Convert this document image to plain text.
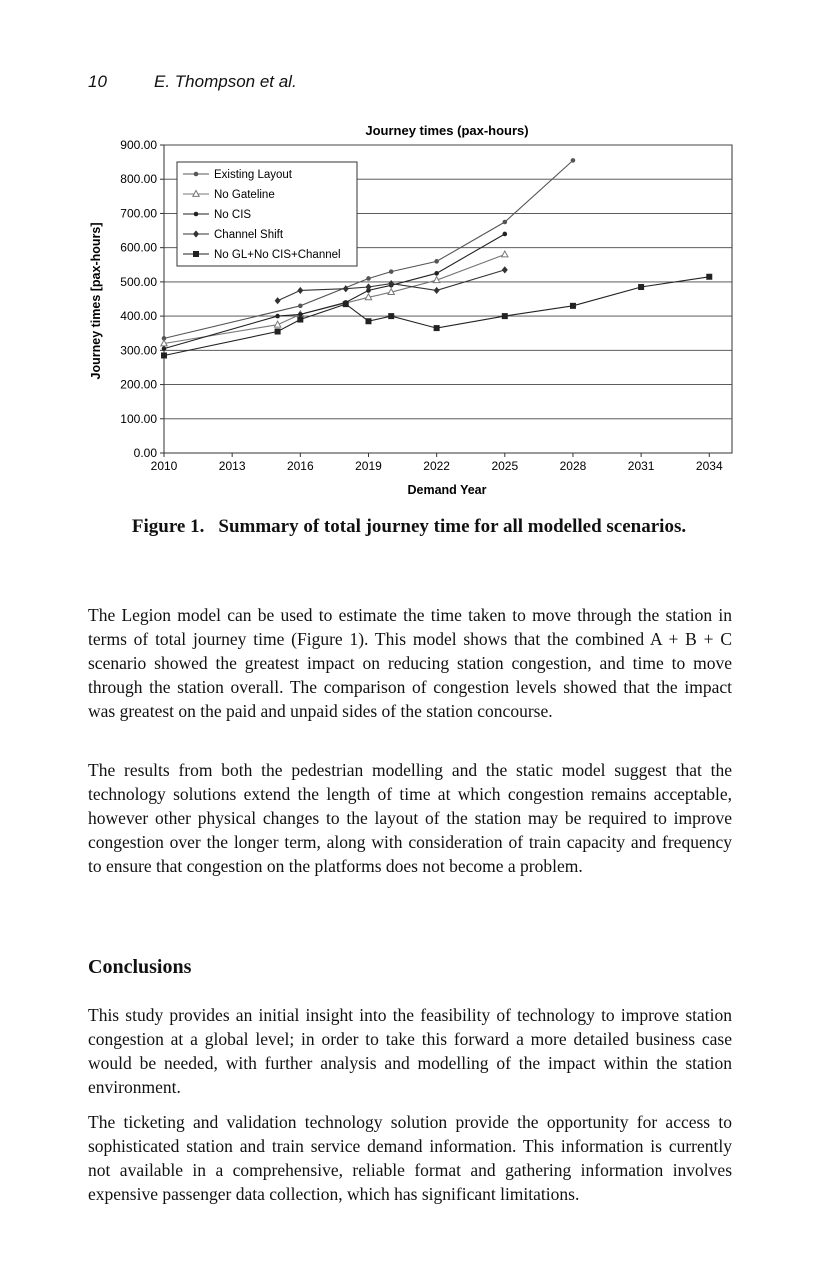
10	E. Thompson et al.
Journey times (pax-hours)
Journey times [pax-hours]
Demand Year
0.00
100.00
200.00
300.00
400.00
500.00
600.00
700.00
800.00
900.00
2010	2013	2016	2019	2022	2025	2028	2031	2034
Existing Layout
No Gateline
No CIS
Channel Shift
No GL+No CIS+Channel
Figure 1. Summary of total journey time for all modelled scenarios.

The Legion model can be used to estimate the time taken to move through the station in terms of total journey time (Figure 1). This model shows that the combined A + B + C scenario showed the greatest impact on reducing station congestion, and time to move through the station overall. The comparison of congestion levels showed that the impact was greatest on the paid and unpaid sides of the station concourse.

The results from both the pedestrian modelling and the static model suggest that the technology solutions extend the length of time at which congestion remains acceptable, however other physical changes to the layout of the station may be required to improve congestion over the longer term, along with consideration of train capacity and frequency to ensure that congestion on the platforms does not become a problem.

Conclusions

This study provides an initial insight into the feasibility of technology to improve station congestion at a global level; in order to take this forward a more detailed business case would be needed, with further analysis and modelling of the impact within the station environment.

The ticketing and validation technology solution provide the opportunity for access to sophisticated station and train service demand information. This information is currently not available in a comprehensive, reliable format and gathering information involves expensive passenger data collection, which has significant limitations.
